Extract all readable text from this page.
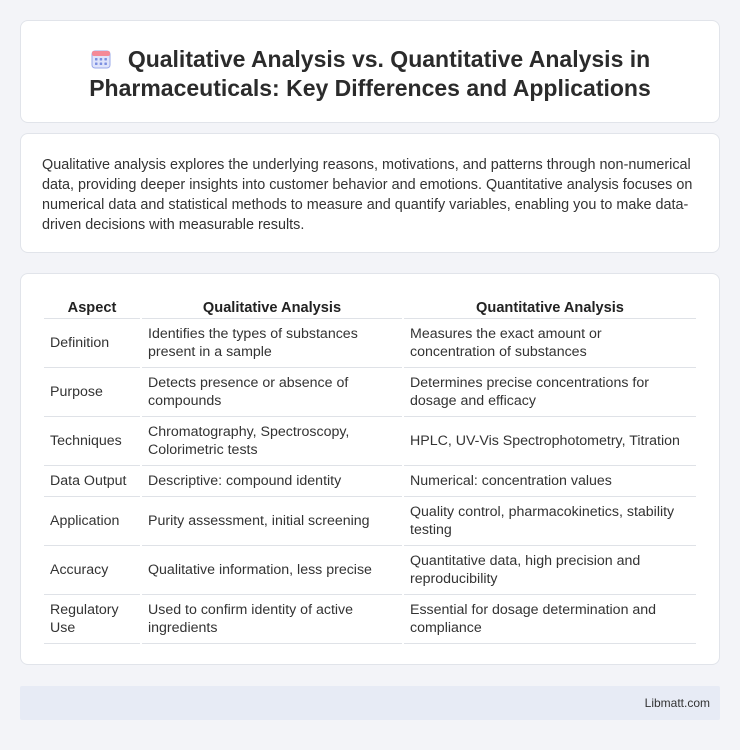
Qualitative Analysis vs. Quantitative Analysis in Pharmaceuticals: Key Differences and Applications

Qualitative analysis explores the underlying reasons, motivations, and patterns through non-numerical data, providing deeper insights into customer behavior and emotions. Quantitative analysis focuses on numerical data and statistical methods to measure and quantify variables, enabling you to make data-driven decisions with measurable results.

Aspect	Qualitative Analysis	Quantitative Analysis
Definition	Identifies the types of substances present in a sample	Measures the exact amount or concentration of substances
Purpose	Detects presence or absence of compounds	Determines precise concentrations for dosage and efficacy
Techniques	Chromatography, Spectroscopy, Colorimetric tests	HPLC, UV-Vis Spectrophotometry, Titration
Data Output	Descriptive: compound identity	Numerical: concentration values
Application	Purity assessment, initial screening	Quality control, pharmacokinetics, stability testing
Accuracy	Qualitative information, less precise	Quantitative data, high precision and reproducibility
Regulatory Use	Used to confirm identity of active ingredients	Essential for dosage determination and compliance
Libmatt.com
